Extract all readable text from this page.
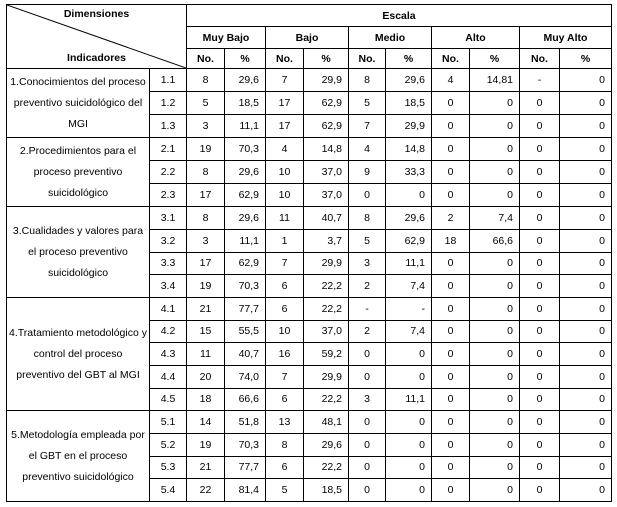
Dimensiones
Indicadores		Escala									
		Muy Bajo		Bajo		Medio		Alto		Muy Alto	
		No.	%	No.	%	No.	%	No.	%	No.	%
1.Conocimientos del proceso preventivo suicidológico del MGI	1.1	8	29,6	7	29,9	8	29,6	4	14,81	-	0
	1.2	5	18,5	17	62,9	5	18,5	0	0	0	0
	1.3	3	11,1	17	62,9	7	29,9	0	0	0	0
2.Procedimientos para el proceso preventivo suicidológico	2.1	19	70,3	4	14,8	4	14,8	0	0	0	0
	2.2	8	29,6	10	37,0	9	33,3	0	0	0	0
	2.3	17	62,9	10	37,0	0	0	0	0	0	0
3.Cualidades y valores para el proceso preventivo suicidológico	3.1	8	29,6	11	40,7	8	29,6	2	7,4	0	0
	3.2	3	11,1	1	3,7	5	62,9	18	66,6	0	0
	3.3	17	62,9	7	29,9	3	11,1	0	0	0	0
	3.4	19	70,3	6	22,2	2	7,4	0	0	0	0
4.Tratamiento metodológico y control del proceso preventivo del GBT al MGI	4.1	21	77,7	6	22,2	-	-	0	0	0	0
	4.2	15	55,5	10	37,0	2	7,4	0	0	0	0
	4.3	11	40,7	16	59,2	0	0	0	0	0	0
	4.4	20	74,0	7	29,9	0	0	0	0	0	0
	4.5	18	66,6	6	22,2	3	11,1	0	0	0	0
5.Metodología empleada por el GBT en el proceso preventivo suicidológico	5.1	14	51,8	13	48,1	0	0	0	0	0	0
	5.2	19	70,3	8	29,6	0	0	0	0	0	0
	5.3	21	77,7	6	22,2	0	0	0	0	0	0
	5.4	22	81,4	5	18,5	0	0	0	0	0	0
